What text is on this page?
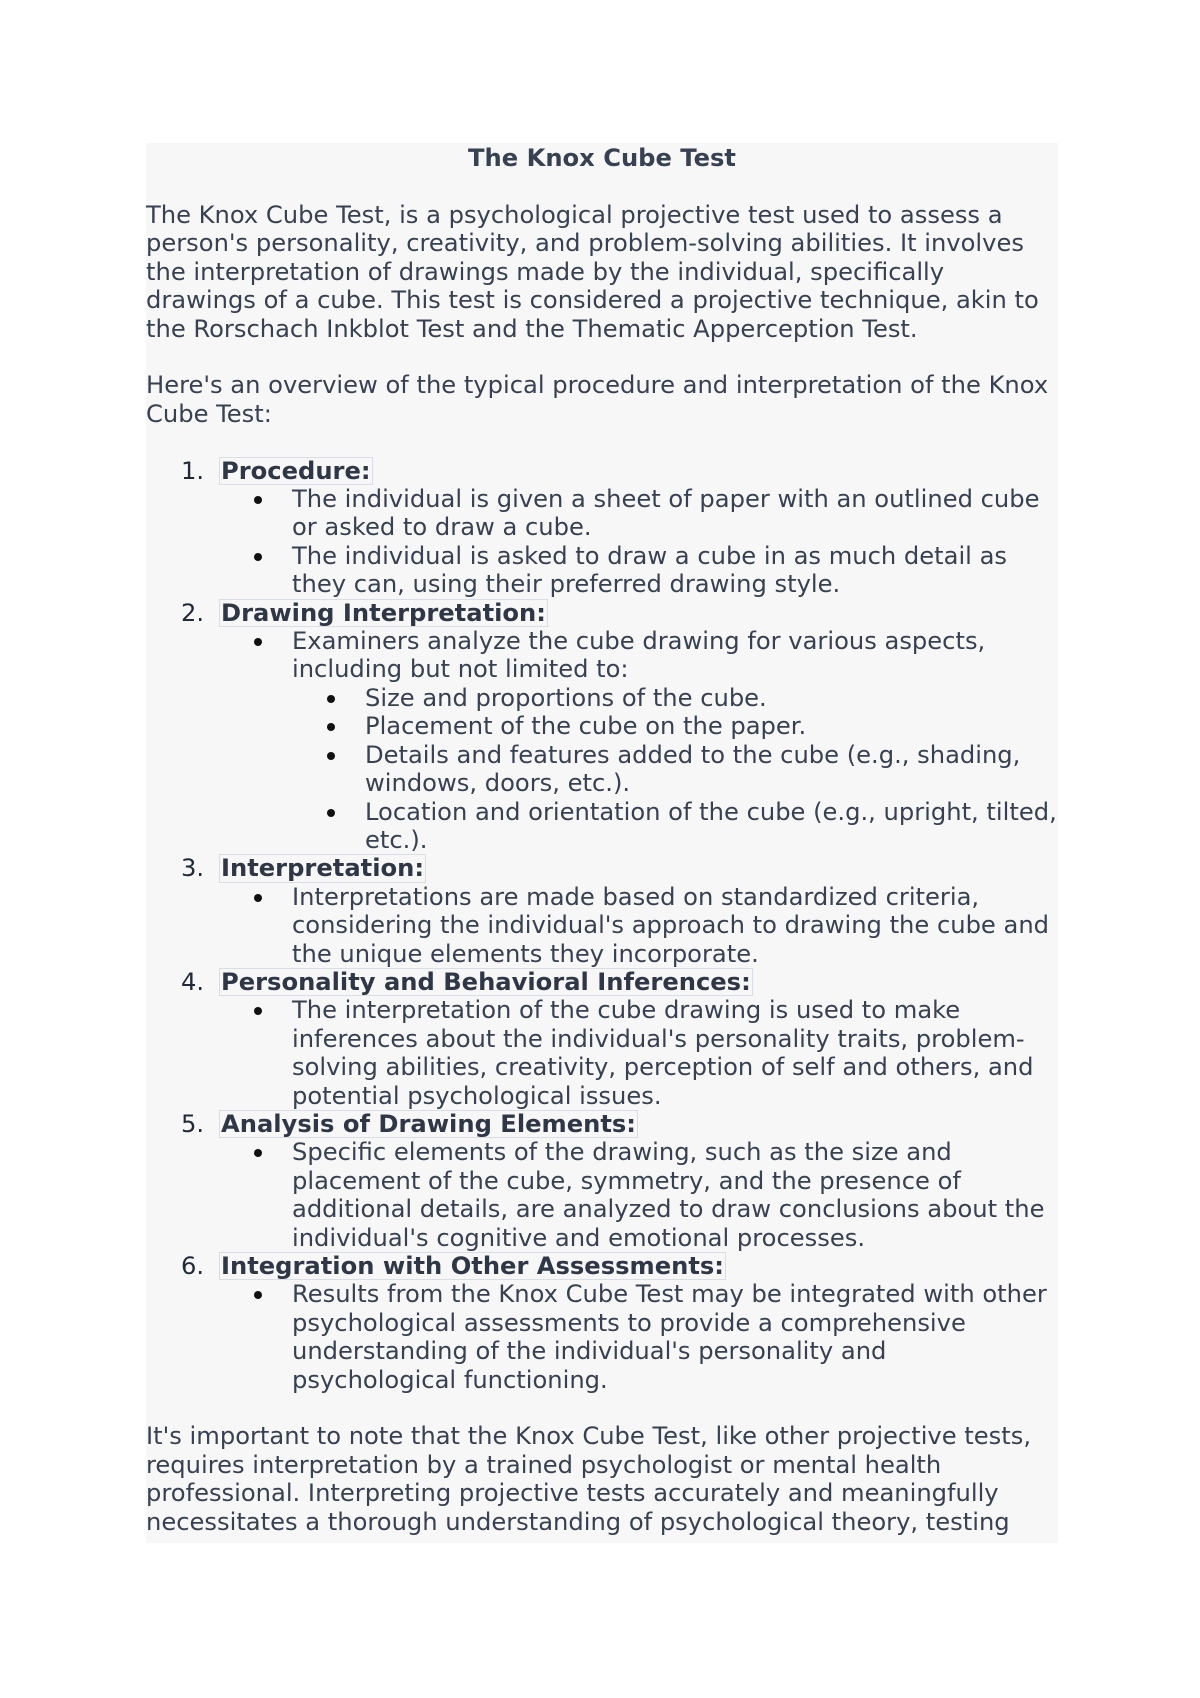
The Knox Cube Test

The Knox Cube Test, is a psychological projective test used to assess a person's personality, creativity, and problem-solving abilities. It involves the interpretation of drawings made by the individual, specifically drawings of a cube. This test is considered a projective technique, akin to the Rorschach Inkblot Test and the Thematic Apperception Test.

Here's an overview of the typical procedure and interpretation of the Knox Cube Test:

Procedure:
The individual is given a sheet of paper with an outlined cube or asked to draw a cube.
The individual is asked to draw a cube in as much detail as they can, using their preferred drawing style.
Drawing Interpretation:
Examiners analyze the cube drawing for various aspects, including but not limited to:
Size and proportions of the cube.
Placement of the cube on the paper.
Details and features added to the cube (e.g., shading, windows, doors, etc.).
Location and orientation of the cube (e.g., upright, tilted, etc.).
Interpretation:
Interpretations are made based on standardized criteria, considering the individual's approach to drawing the cube and the unique elements they incorporate.
Personality and Behavioral Inferences:
The interpretation of the cube drawing is used to make inferences about the individual's personality traits, problem-solving abilities, creativity, perception of self and others, and potential psychological issues.
Analysis of Drawing Elements:
Specific elements of the drawing, such as the size and placement of the cube, symmetry, and the presence of additional details, are analyzed to draw conclusions about the individual's cognitive and emotional processes.
Integration with Other Assessments:
Results from the Knox Cube Test may be integrated with other psychological assessments to provide a comprehensive understanding of the individual's personality and psychological functioning.

It's important to note that the Knox Cube Test, like other projective tests, requires interpretation by a trained psychologist or mental health professional. Interpreting projective tests accurately and meaningfully necessitates a thorough understanding of psychological theory, testing
